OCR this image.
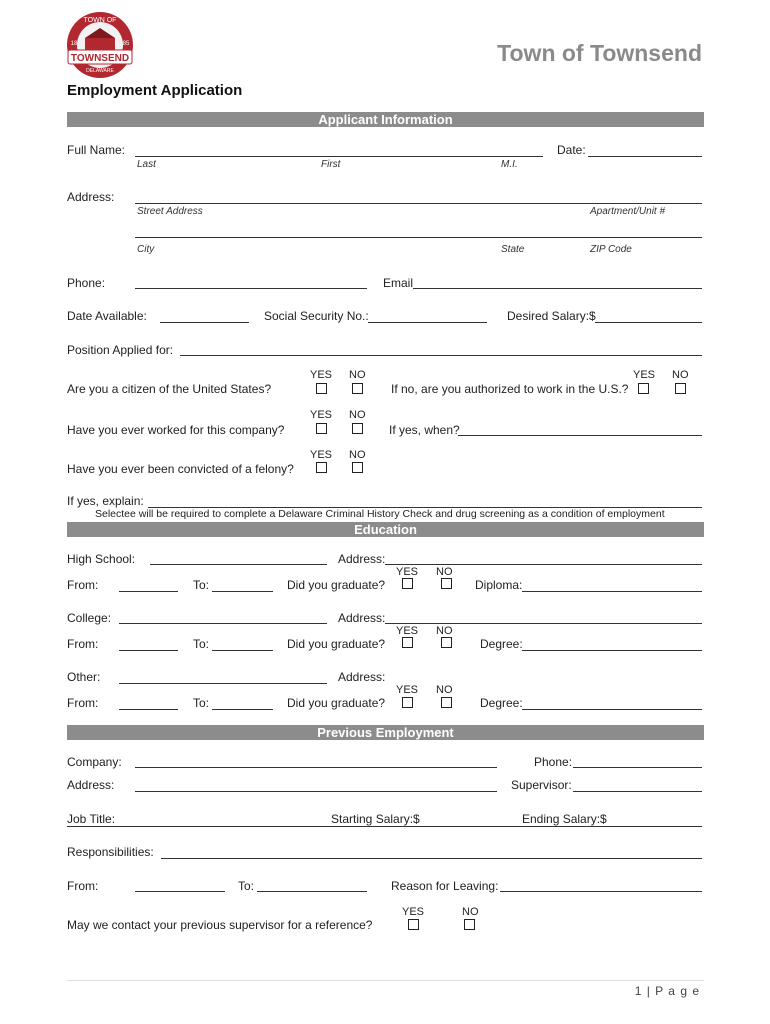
TOWNSEND
TOWN OF
18	85
DELAWARE
Town of Townsend
Employment Application
Applicant Information
Full Name:	Date:
Last	First	M.I.
Address:
Street Address	Apartment/Unit #
City	State	ZIP Code
Phone:	Email
Date Available:	Social Security No.:	Desired Salary:$
Position Applied for:
YES NO
Are you a citizen of the United States?
YES NO
If no, are you authorized to work in the U.S.?
YES NO
Have you ever worked for this company?	If yes, when?
YES NO
Have you ever been convicted of a felony?
If yes, explain:
Selectee will be required to complete a Delaware Criminal History Check and drug screening as a condition of employment
Education
High School:	Address:
YES NO
From:	To:	Did you graduate?	Diploma:
College:	Address:
YES NO
From:	To:	Did you graduate?	Degree:
Other:	Address:
YES NO
From:	To:	Did you graduate?	Degree:
Previous Employment
Company:	Phone:
Address:	Supervisor:
Job Title:	Starting Salary:$	Ending Salary:$
Responsibilities:
From:	To:	Reason for Leaving:
YES	NO
May we contact your previous supervisor for a reference?
1 | P a g e
